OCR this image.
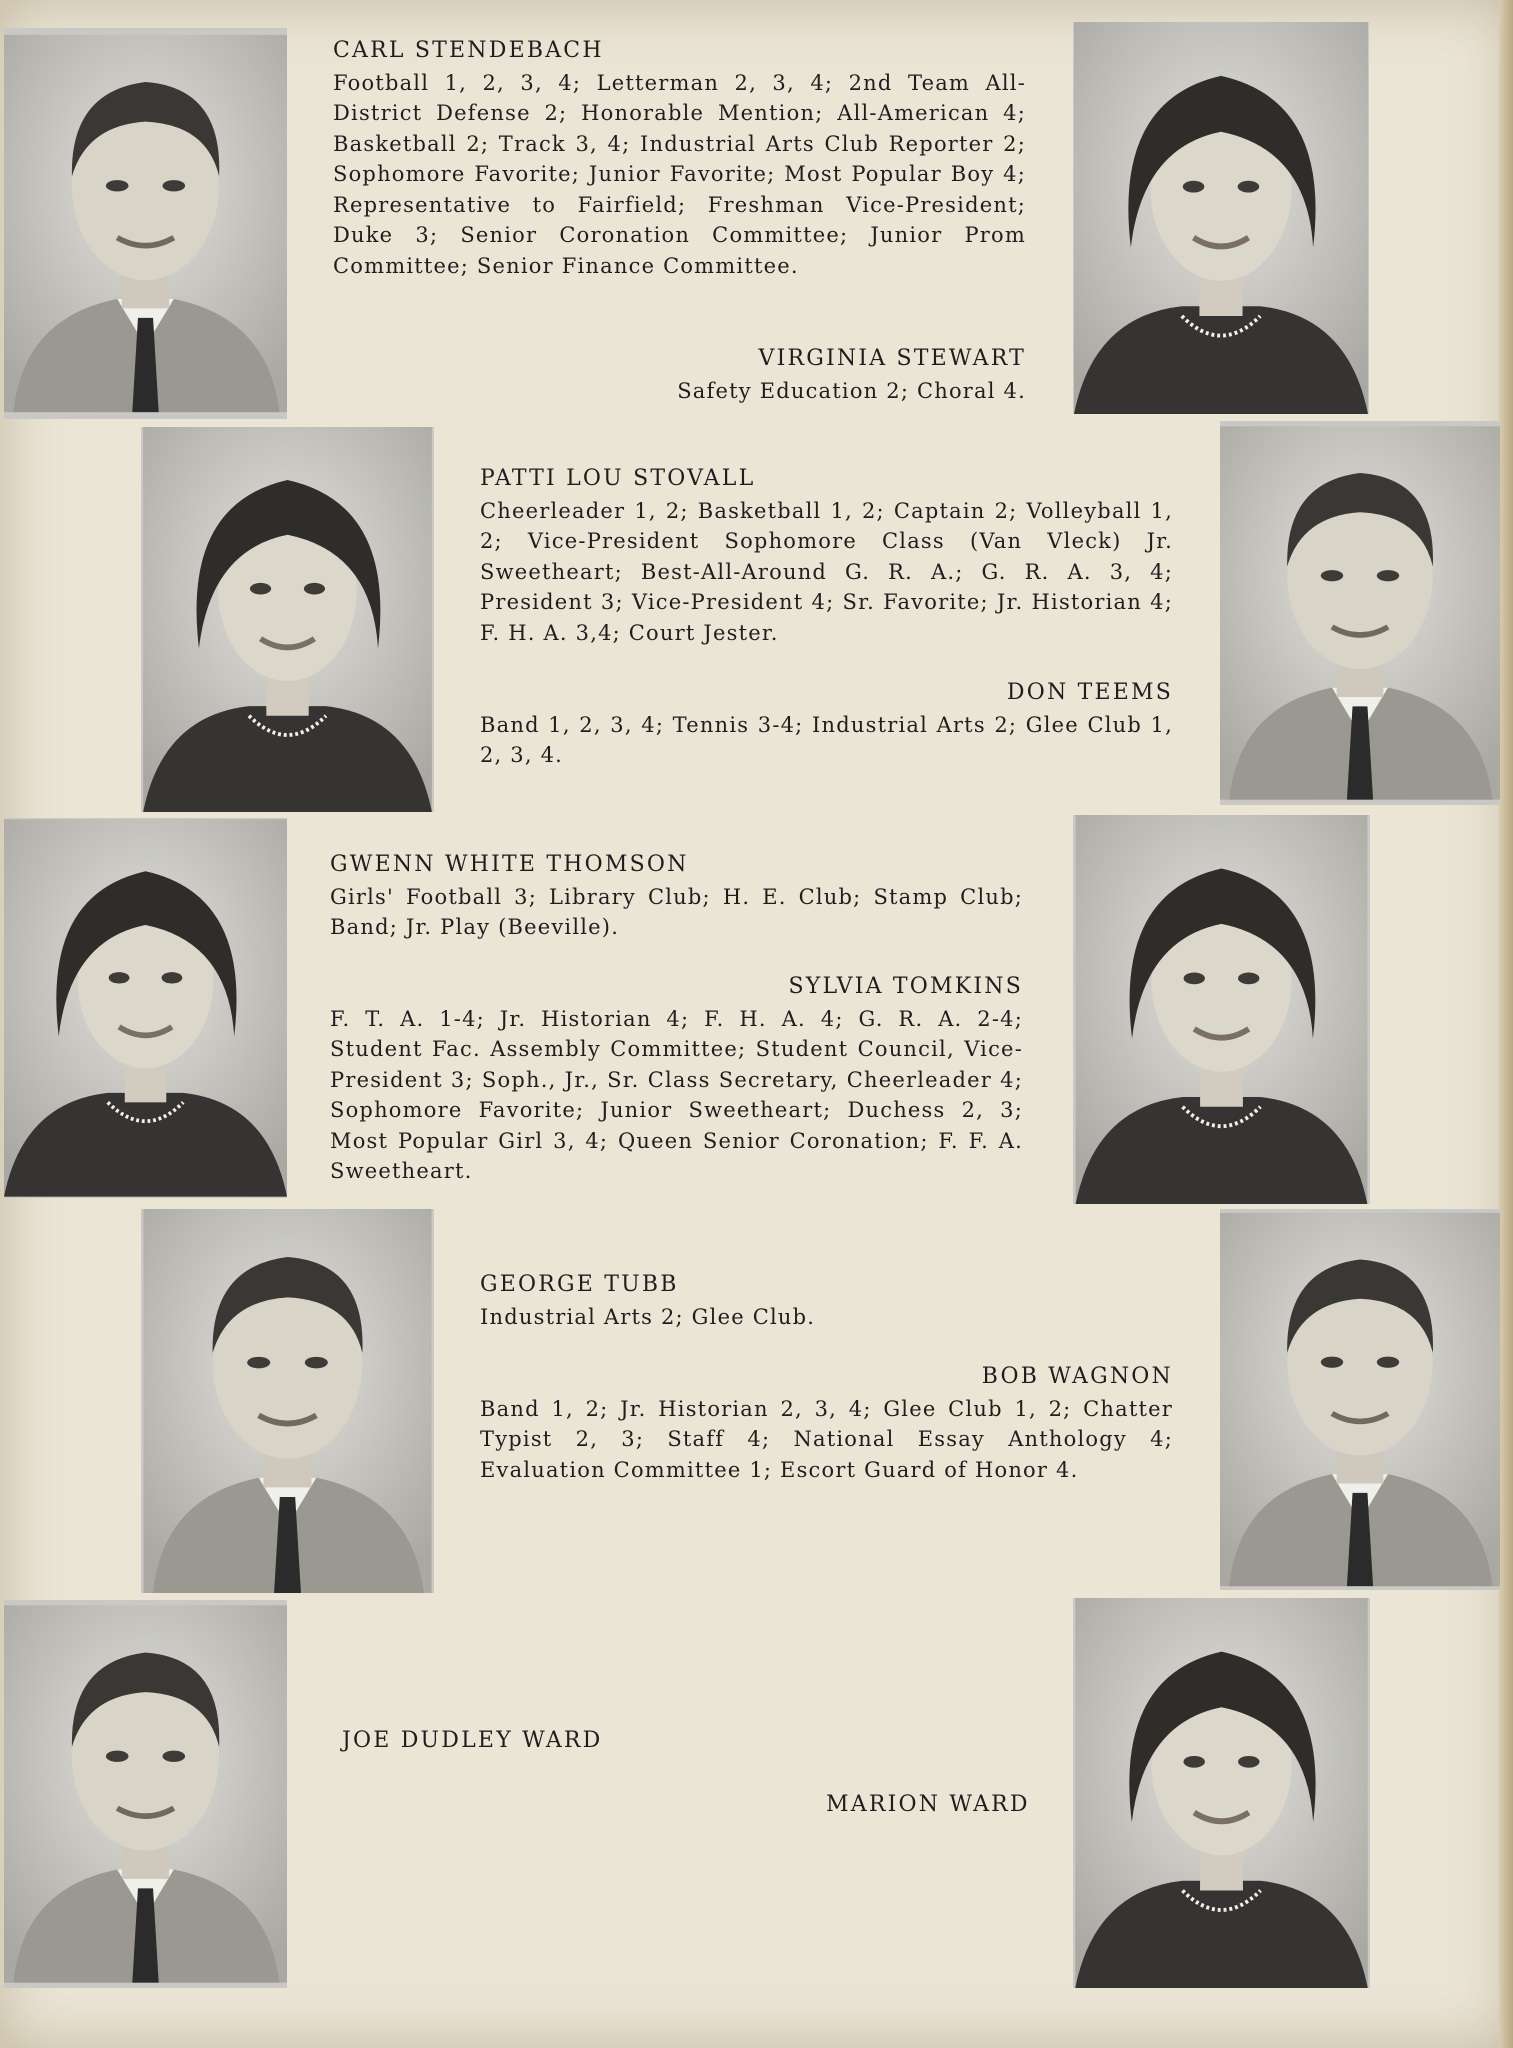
CARL STENDEBACH
Football 1, 2, 3, 4; Letterman 2, 3, 4; 2nd Team All-District Defense 2; Honorable Mention; All-American 4; Basketball 2; Track 3, 4; Industrial Arts Club Reporter 2; Sophomore Favorite; Junior Favorite; Most Popular Boy 4; Representative to Fairfield; Freshman Vice-President; Duke 3; Senior Coronation Committee; Junior Prom Committee; Senior Finance Committee.
VIRGINIA STEWART
Safety Education 2; Choral 4.
PATTI LOU STOVALL
Cheerleader 1, 2; Basketball 1, 2; Captain 2; Volleyball 1, 2; Vice-President Sophomore Class (Van Vleck) Jr. Sweetheart; Best-All-Around G. R. A.; G. R. A. 3, 4; President 3; Vice-President 4; Sr. Favorite; Jr. Historian 4; F. H. A. 3,4; Court Jester.
DON TEEMS
Band 1, 2, 3, 4; Tennis 3-4; Industrial Arts 2; Glee Club 1, 2, 3, 4.
GWENN WHITE THOMSON
Girls' Football 3; Library Club; H. E. Club; Stamp Club; Band; Jr. Play (Beeville).
SYLVIA TOMKINS
F. T. A. 1-4; Jr. Historian 4; F. H. A. 4; G. R. A. 2-4; Student Fac. Assembly Committee; Student Council, Vice-President 3; Soph., Jr., Sr. Class Secretary, Cheerleader 4; Sophomore Favorite; Junior Sweetheart; Duchess 2, 3; Most Popular Girl 3, 4; Queen Senior Coronation; F. F. A. Sweetheart.
GEORGE TUBB
Industrial Arts 2; Glee Club.
BOB WAGNON
Band 1, 2; Jr. Historian 2, 3, 4; Glee Club 1, 2; Chatter Typist 2, 3; Staff 4; National Essay Anthology 4; Evaluation Committee 1; Escort Guard of Honor 4.
JOE DUDLEY WARD
MARION WARD
